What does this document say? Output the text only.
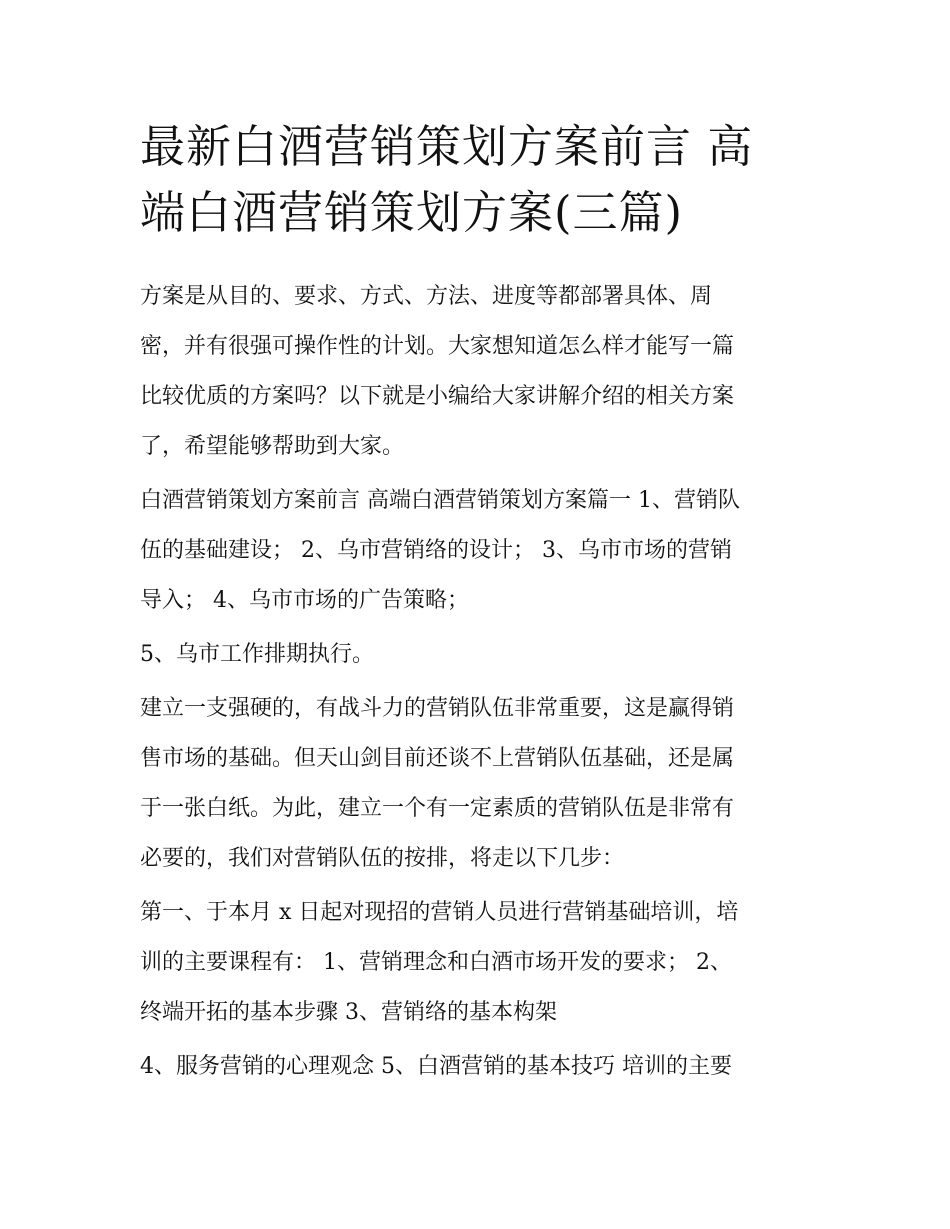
最新白酒营销策划方案前言 高
端白酒营销策划方案(三篇)
方案是从目的、要求、方式、方法、进度等都部署具体、周
密，并有很强可操作性的计划。大家想知道怎么样才能写一篇
比较优质的方案吗？以下就是小编给大家讲解介绍的相关方案
了，希望能够帮助到大家。
白酒营销策划方案前言 高端白酒营销策划方案篇一 1、营销队
伍的基础建设； 2、乌市营销络的设计； 3、乌市市场的营销
导入； 4、乌市市场的广告策略；
5、乌市工作排期执行。
建立一支强硬的，有战斗力的营销队伍非常重要，这是赢得销
售市场的基础。但天山剑目前还谈不上营销队伍基础，还是属
于一张白纸。为此，建立一个有一定素质的营销队伍是非常有
必要的，我们对营销队伍的按排，将走以下几步：
第一、于本月 x 日起对现招的营销人员进行营销基础培训，培
训的主要课程有： 1、营销理念和白酒市场开发的要求； 2、
终端开拓的基本步骤 3、营销络的基本构架
4、服务营销的心理观念 5、白酒营销的基本技巧 培训的主要
